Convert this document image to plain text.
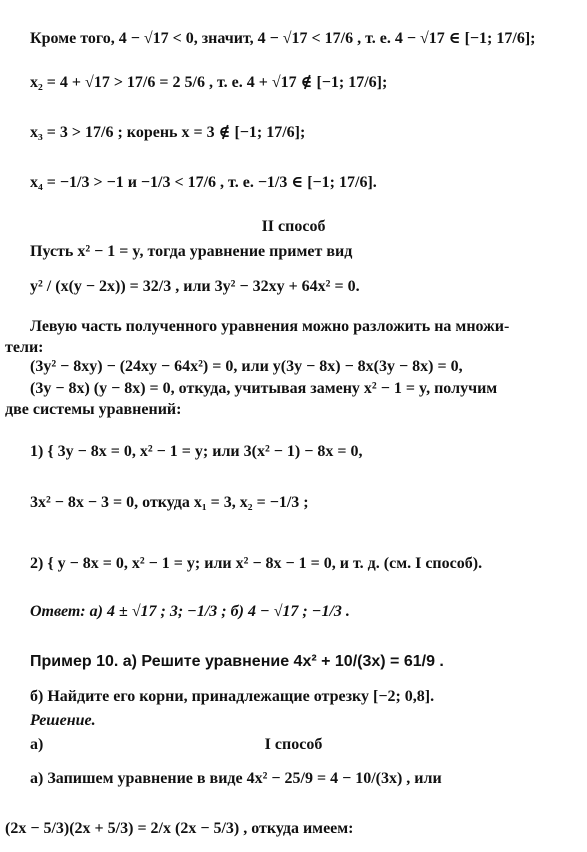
Кроме того, 4 − √17 < 0, значит, 4 − √17 < 17/6 , т. е. 4 − √17 ∈ [−1; 17/6];
x₂ = 4 + √17 > 17/6 = 2 5/6 , т. е. 4 + √17 ∉ [−1; 17/6];
x₃ = 3 > 17/6 ; корень x = 3 ∉ [−1; 17/6];
x₄ = −1/3 > −1 и −1/3 < 17/6 , т. е. −1/3 ∈ [−1; 17/6].
II способ
Пусть x² − 1 = y, тогда уравнение примет вид
y² / (x(y − 2x)) = 32/3 , или 3y² − 32xy + 64x² = 0.
Левую часть полученного уравнения можно разложить на множи-
тели:
(3y² − 8xy) − (24xy − 64x²) = 0, или y(3y − 8x) − 8x(3y − 8x) = 0,
(3y − 8x) (y − 8x) = 0, откуда, учитывая замену x² − 1 = y, получим
две системы уравнений:
1) { 3y − 8x = 0, x² − 1 = y; или 3(x² − 1) − 8x = 0,
3x² − 8x − 3 = 0, откуда x₁ = 3, x₂ = −1/3 ;
2) { y − 8x = 0, x² − 1 = y; или x² − 8x − 1 = 0, и т. д. (см. I способ).
Ответ: а) 4 ± √17 ; 3; −1/3 ; б) 4 − √17 ; −1/3 .
Пример 10. а) Решите уравнение 4x² + 10/(3x) = 61/9 .
б) Найдите его корни, принадлежащие отрезку [−2; 0,8].
Решение.
а)	I способ
а) Запишем уравнение в виде 4x² − 25/9 = 4 − 10/(3x) , или
(2x − 5/3)(2x + 5/3) = 2/x (2x − 5/3) , откуда имеем:
